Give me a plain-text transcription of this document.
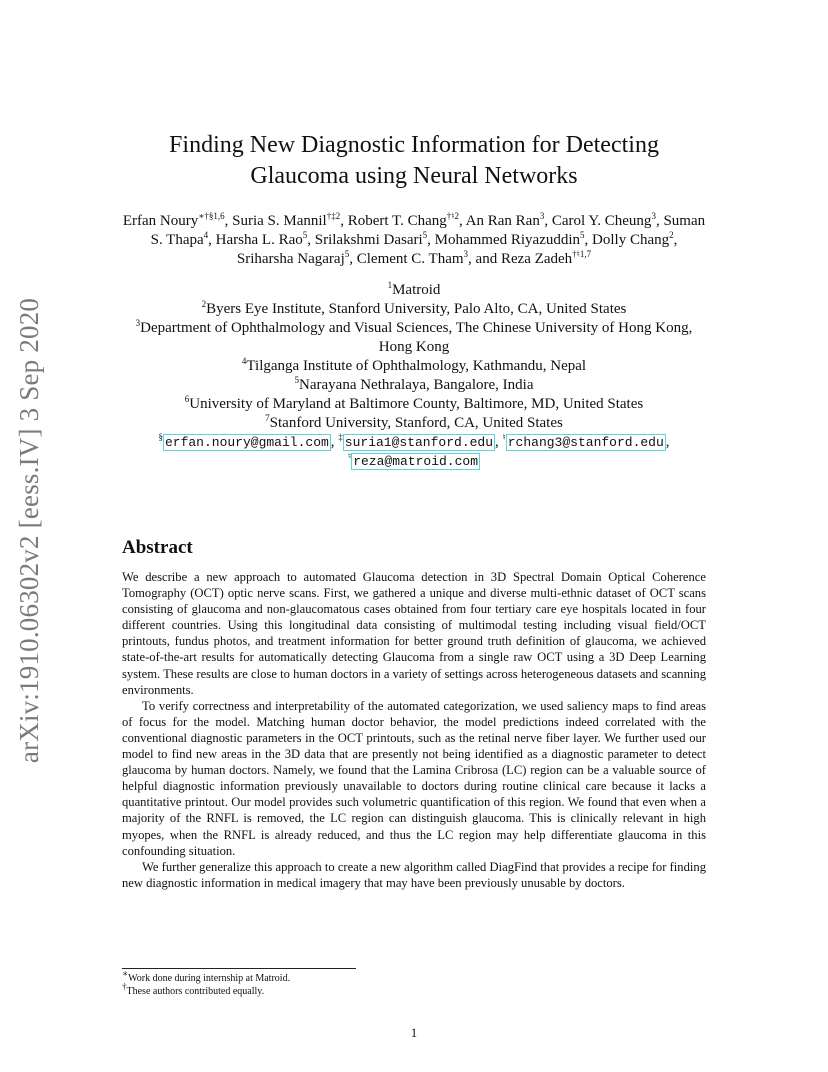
arXiv:1910.06302v2 [eess.IV] 3 Sep 2020
Finding New Diagnostic Information for Detecting Glaucoma using Neural Networks
Erfan Noury$^{∗\dagger\S 1,6}$, Suria S. Mannil$^{\dagger\ddagger 2}$, Robert T. Chang$^{\dagger♮2}$, An Ran Ran$^3$, Carol Y. Cheung$^3$, Suman S. Thapa$^4$, Harsha L. Rao$^5$, Srilakshmi Dasari$^5$, Mohammed Riyazuddin$^5$, Dolly Chang$^2$, Sriharsha Nagaraj$^5$, Clement C. Tham$^3$, and Reza Zadeh$^{\dagger♮1,7}$
$^1$Matroid
$^2$Byers Eye Institute, Stanford University, Palo Alto, CA, United States
$^3$Department of Ophthalmology and Visual Sciences, The Chinese University of Hong Kong, Hong Kong
$^4$Tilganga Institute of Ophthalmology, Kathmandu, Nepal
$^5$Narayana Nethralaya, Bangalore, India
$^6$University of Maryland at Baltimore County, Baltimore, MD, United States
$^7$Stanford University, Stanford, CA, United States
§ erfan.noury@gmail.com , ‡ suria1@stanford.edu , ♮ rchang3@stanford.edu ,
♮ reza@matroid.com
Abstract

We describe a new approach to automated Glaucoma detection in 3D Spectral Domain Optical Coherence Tomography (OCT) optic nerve scans. First, we gathered a unique and diverse multi-ethnic dataset of OCT scans consisting of glaucoma and non-glaucomatous cases obtained from four tertiary care eye hospitals located in four different countries. Using this longitudinal data consisting of multimodal testing including visual field/OCT printouts, fundus photos, and treatment information for better ground truth definition of glaucoma, we achieved state-of-the-art results for automatically detecting Glaucoma from a single raw OCT using a 3D Deep Learning system. These results are close to human doctors in a variety of settings across heterogeneous datasets and scanning environments.

To verify correctness and interpretability of the automated categorization, we used saliency maps to find areas of focus for the model. Matching human doctor behavior, the model predictions indeed correlated with the conventional diagnostic parameters in the OCT printouts, such as the retinal nerve fiber layer. We further used our model to find new areas in the 3D data that are presently not being identified as a diagnostic parameter to detect glaucoma by human doctors. Namely, we found that the Lamina Cribrosa (LC) region can be a valuable source of helpful diagnostic information previously unavailable to doctors during routine clinical care because it lacks a quantitative printout. Our model provides such volumetric quantification of this region. We found that even when a majority of the RNFL is removed, the LC region can distinguish glaucoma. This is clinically relevant in high myopes, when the RNFL is already reduced, and thus the LC region may help differentiate glaucoma in this confounding situation.

We further generalize this approach to create a new algorithm called DiagFind that provides a recipe for finding new diagnostic information in medical imagery that may have been previously unusable by doctors.

∗Work done during internship at Matroid.
†These authors contributed equally.
1
